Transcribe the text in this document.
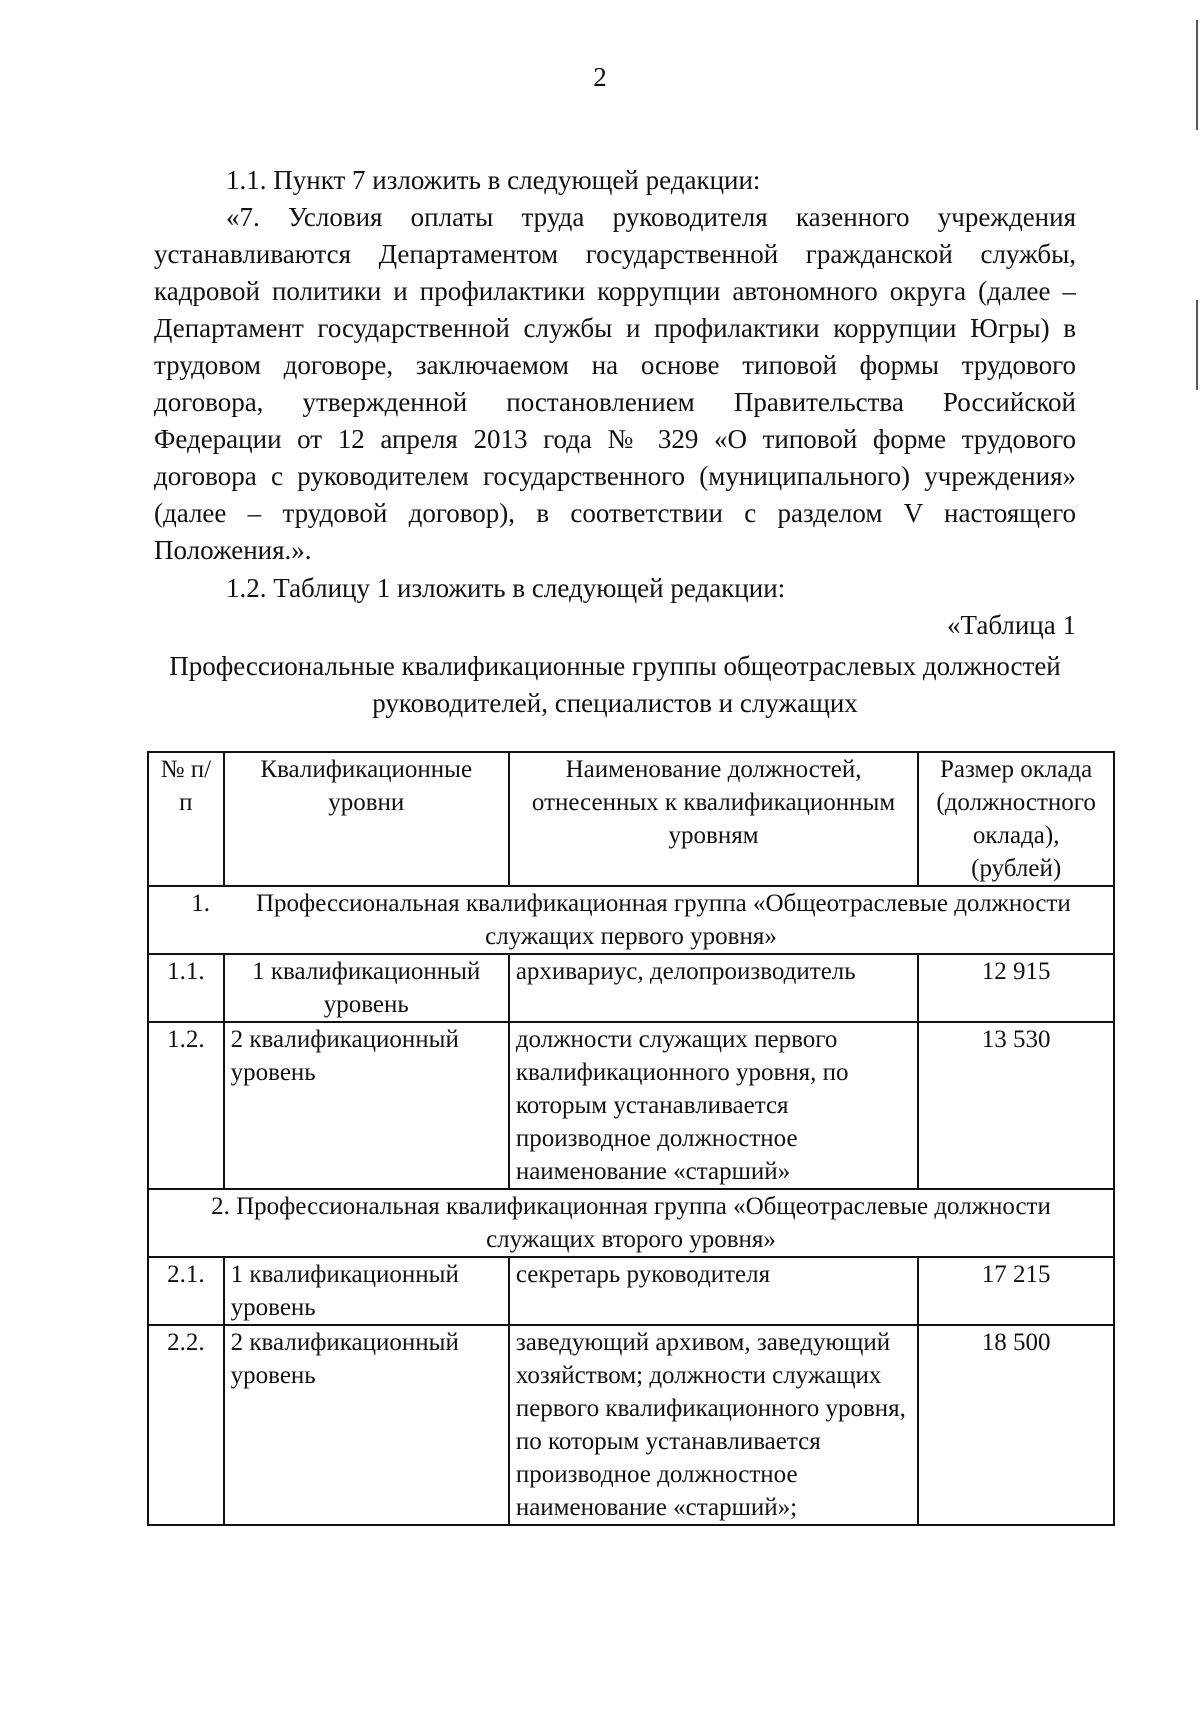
2
1.1. Пункт 7 изложить в следующей редакции:
«7. Условия оплаты труда руководителя казенного учреждения устанавливаются Департаментом государственной гражданской службы, кадровой политики и профилактики коррупции автономного округа (далее – Департамент государственной службы и профилактики коррупции Югры) в трудовом договоре, заключаемом на основе типовой формы трудового договора, утвержденной постановлением Правительства Российской Федерации от 12 апреля 2013 года № 329 «О типовой форме трудового договора с руководителем государственного (муниципального) учреждения» (далее – трудовой договор), в соответствии с разделом V настоящего Положения.».
1.2. Таблицу 1 изложить в следующей редакции:
«Таблица 1
Профессиональные квалификационные группы общеотраслевых должностей руководителей, специалистов и служащих
№ п/п	Квалификационные уровни	Наименование должностей, отнесенных к квалификационным уровням	Размер оклада (должностного оклада), (рублей)
1. Профессиональная квалификационная группа «Общеотраслевые должности служащих первого уровня»			
1.1.	1 квалификационный уровень	архивариус, делопроизводитель	12 915
1.2.	2 квалификационный уровень	должности служащих первого квалификационного уровня, по которым устанавливается производное должностное наименование «старший»	13 530
2. Профессиональная квалификационная группа «Общеотраслевые должности служащих второго уровня»			
2.1.	1 квалификационный уровень	секретарь руководителя	17 215
2.2.	2 квалификационный уровень	заведующий архивом, заведующий хозяйством; должности служащих первого квалификационного уровня, по которым устанавливается производное должностное наименование «старший»;	18 500
